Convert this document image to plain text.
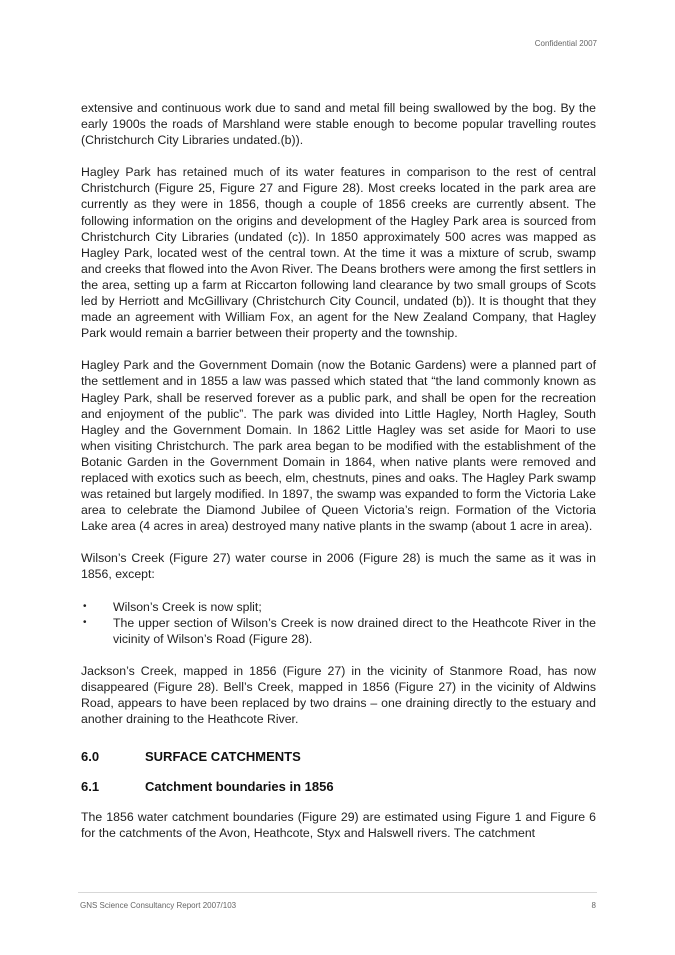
Confidential 2007

extensive and continuous work due to sand and metal fill being swallowed by the bog. By the early 1900s the roads of Marshland were stable enough to become popular travelling routes (Christchurch City Libraries undated.(b)).

Hagley Park has retained much of its water features in comparison to the rest of central Christchurch (Figure 25, Figure 27 and Figure 28). Most creeks located in the park area are currently as they were in 1856, though a couple of 1856 creeks are currently absent. The following information on the origins and development of the Hagley Park area is sourced from Christchurch City Libraries (undated (c)). In 1850 approximately 500 acres was mapped as Hagley Park, located west of the central town. At the time it was a mixture of scrub, swamp and creeks that flowed into the Avon River. The Deans brothers were among the first settlers in the area, setting up a farm at Riccarton following land clearance by two small groups of Scots led by Herriott and McGillivary (Christchurch City Council, undated (b)). It is thought that they made an agreement with William Fox, an agent for the New Zealand Company, that Hagley Park would remain a barrier between their property and the township.

Hagley Park and the Government Domain (now the Botanic Gardens) were a planned part of the settlement and in 1855 a law was passed which stated that “the land commonly known as Hagley Park, shall be reserved forever as a public park, and shall be open for the recreation and enjoyment of the public”. The park was divided into Little Hagley, North Hagley, South Hagley and the Government Domain. In 1862 Little Hagley was set aside for Maori to use when visiting Christchurch. The park area began to be modified with the establishment of the Botanic Garden in the Government Domain in 1864, when native plants were removed and replaced with exotics such as beech, elm, chestnuts, pines and oaks. The Hagley Park swamp was retained but largely modified. In 1897, the swamp was expanded to form the Victoria Lake area to celebrate the Diamond Jubilee of Queen Victoria’s reign. Formation of the Victoria Lake area (4 acres in area) destroyed many native plants in the swamp (about 1 acre in area).

Wilson’s Creek (Figure 27) water course in 2006 (Figure 28) is much the same as it was in 1856, except:

• Wilson’s Creek is now split;
• The upper section of Wilson’s Creek is now drained direct to the Heathcote River in the vicinity of Wilson’s Road (Figure 28).

Jackson’s Creek, mapped in 1856 (Figure 27) in the vicinity of Stanmore Road, has now disappeared (Figure 28). Bell’s Creek, mapped in 1856 (Figure 27) in the vicinity of Aldwins Road, appears to have been replaced by two drains – one draining directly to the estuary and another draining to the Heathcote River.

6.0	SURFACE CATCHMENTS
6.1	Catchment boundaries in 1856

The 1856 water catchment boundaries (Figure 29) are estimated using Figure 1 and Figure 6 for the catchments of the Avon, Heathcote, Styx and Halswell rivers. The catchment

GNS Science Consultancy Report 2007/103	8
